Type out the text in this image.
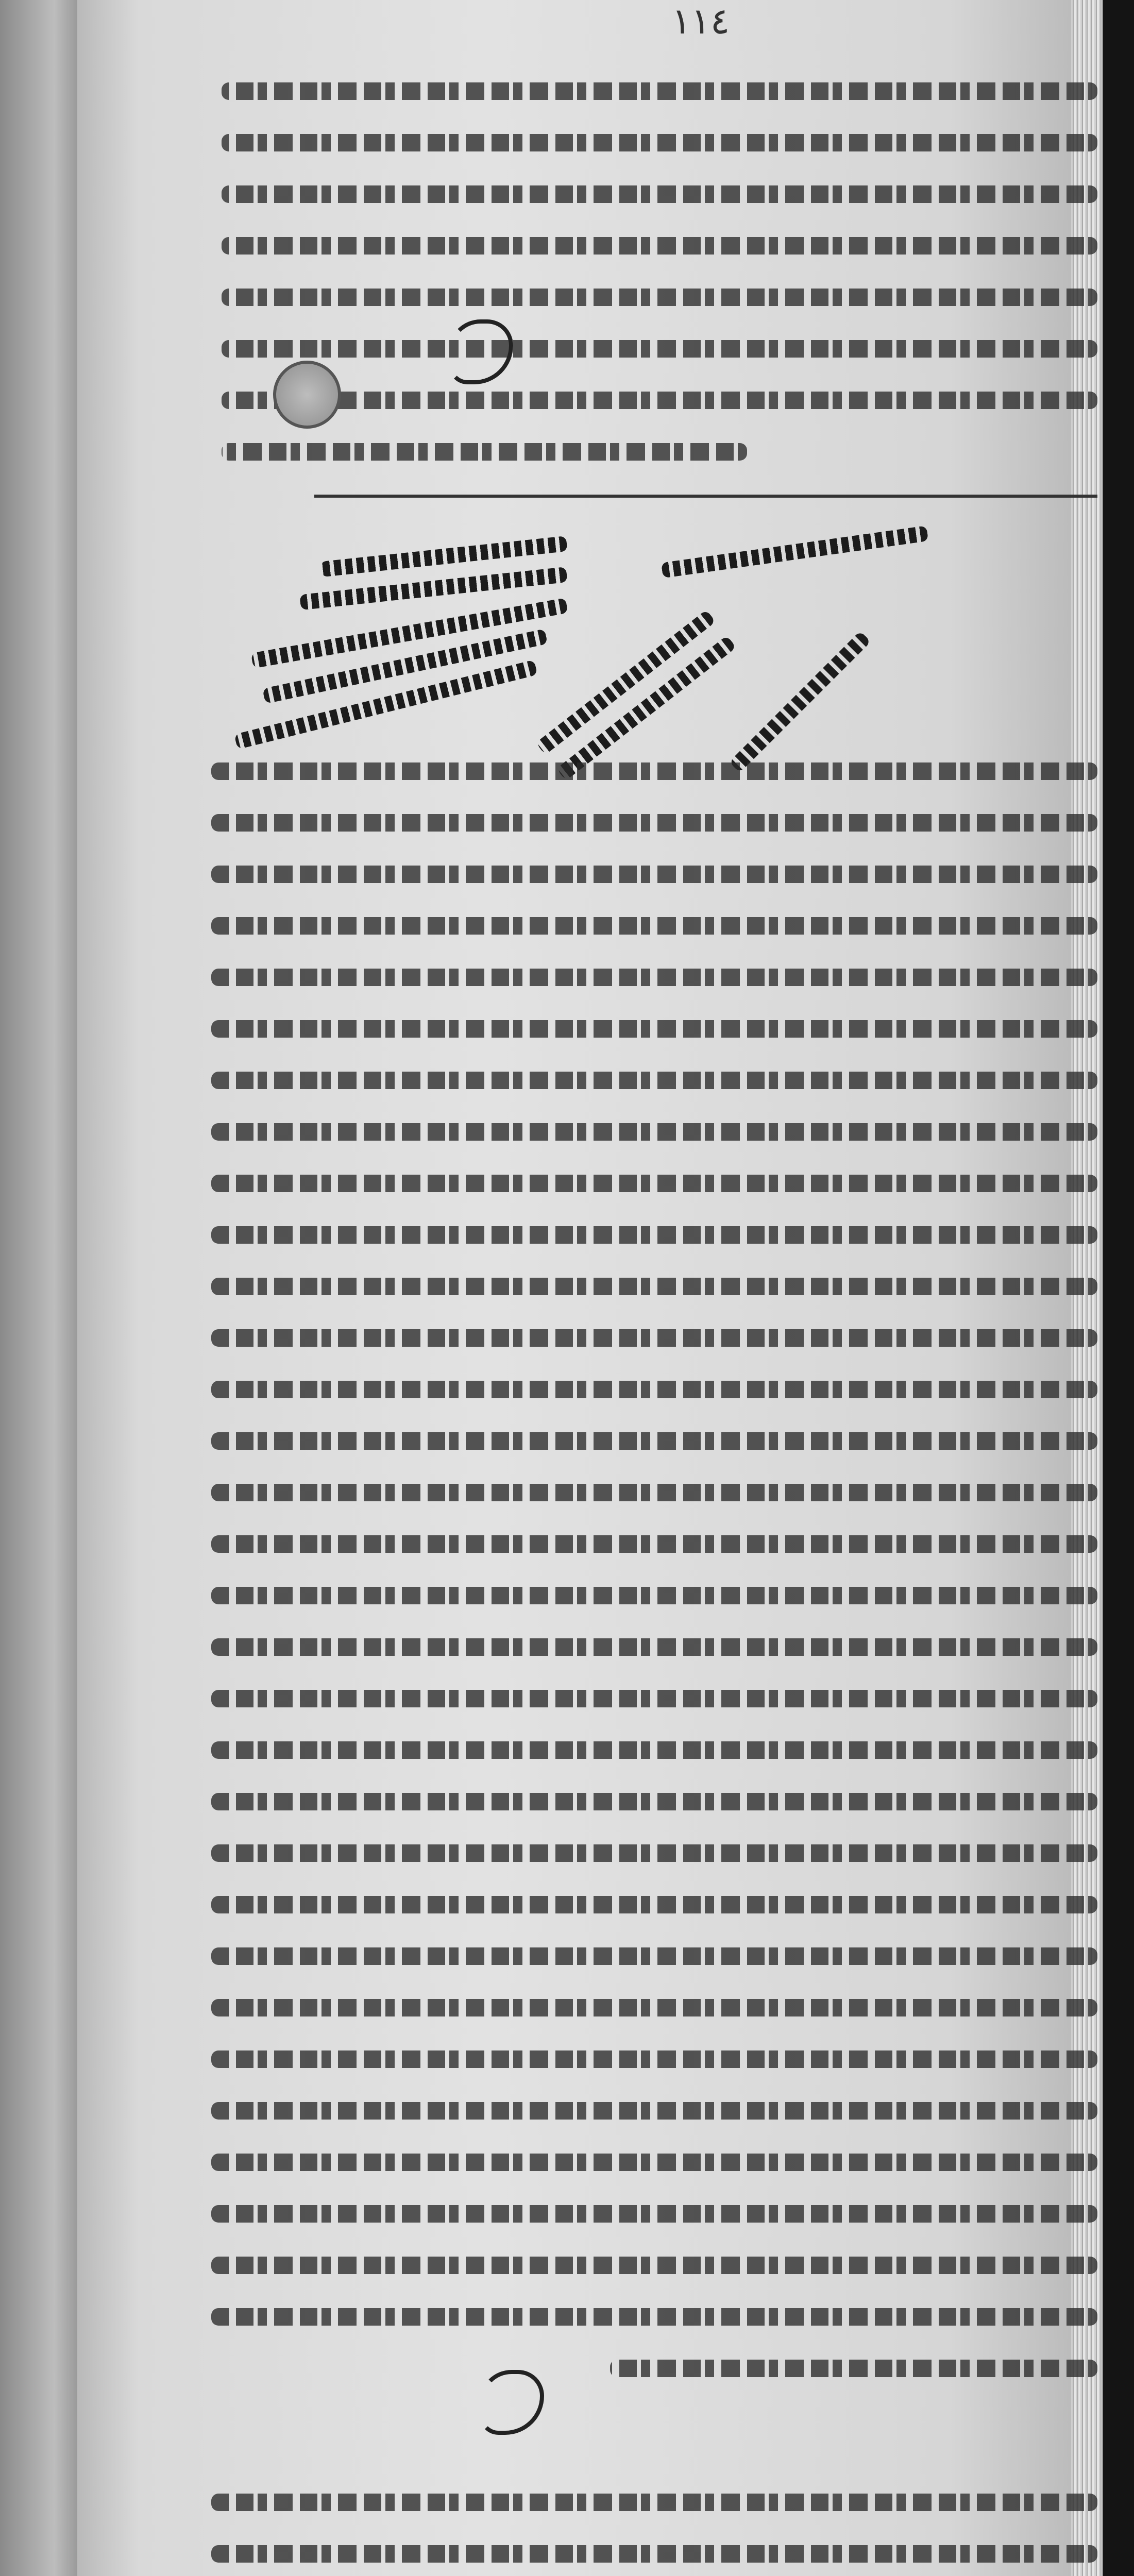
١١٤
